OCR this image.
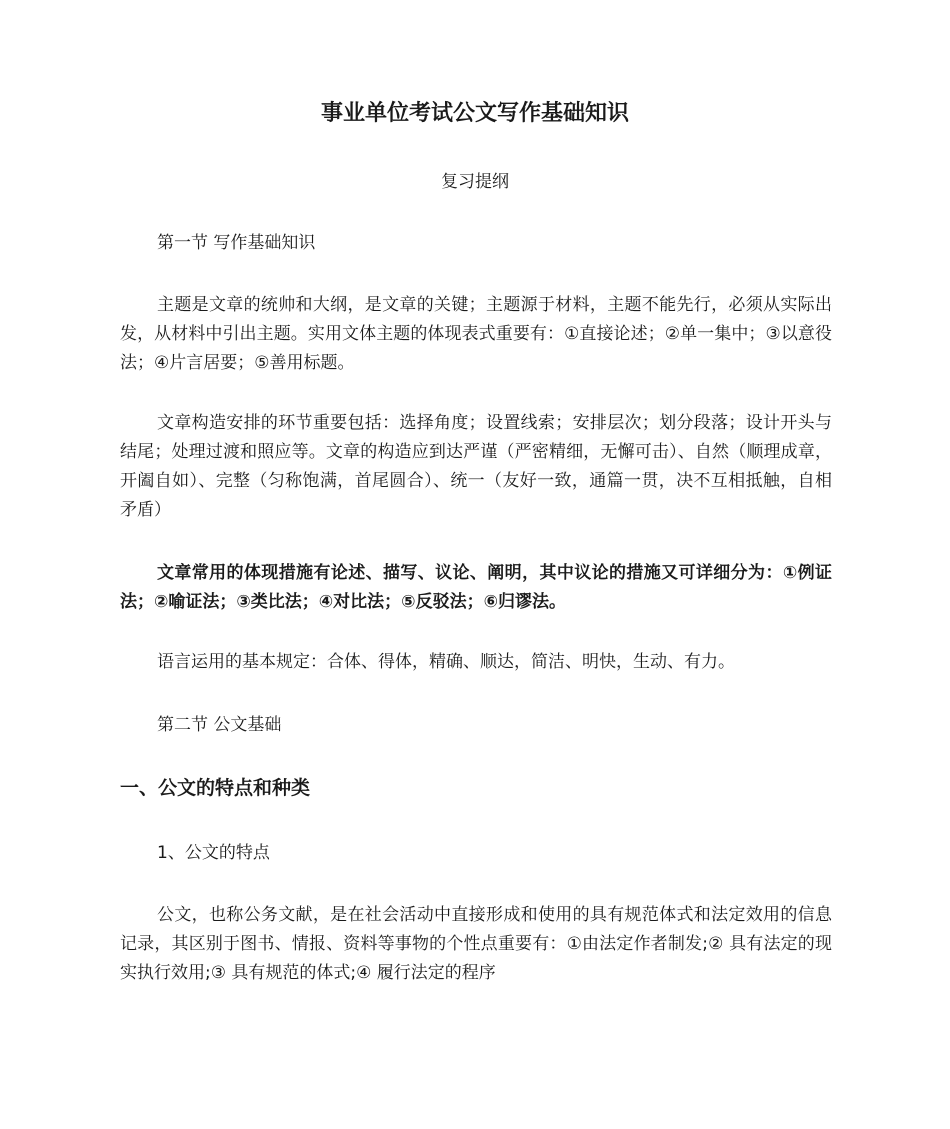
事业单位考试公文写作基础知识

复习提纲

第一节 写作基础知识

主题是文章的统帅和大纲，是文章的关键；主题源于材料，主题不能先行，必须从实际出发，从材料中引出主题。实用文体主题的体现表式重要有：①直接论述；②单一集中；③以意役法；④片言居要；⑤善用标题。

文章构造安排的环节重要包括：选择角度；设置线索；安排层次；划分段落；设计开头与结尾；处理过渡和照应等。文章的构造应到达严谨（严密精细，无懈可击）、自然（顺理成章，开阖自如）、完整（匀称饱满，首尾圆合）、统一（友好一致，通篇一贯，决不互相抵触，自相矛盾）

文章常用的体现措施有论述、描写、议论、阐明，其中议论的措施又可详细分为：①例证法；②喻证法；③类比法；④对比法；⑤反驳法；⑥归谬法。

语言运用的基本规定：合体、得体，精确、顺达，简洁、明快，生动、有力。

第二节 公文基础

一、公文的特点和种类

1、公文的特点

公文，也称公务文献，是在社会活动中直接形成和使用的具有规范体式和法定效用的信息记录，其区别于图书、情报、资料等事物的个性点重要有：①由法定作者制发;② 具有法定的现实执行效用;③ 具有规范的体式;④ 履行法定的程序
